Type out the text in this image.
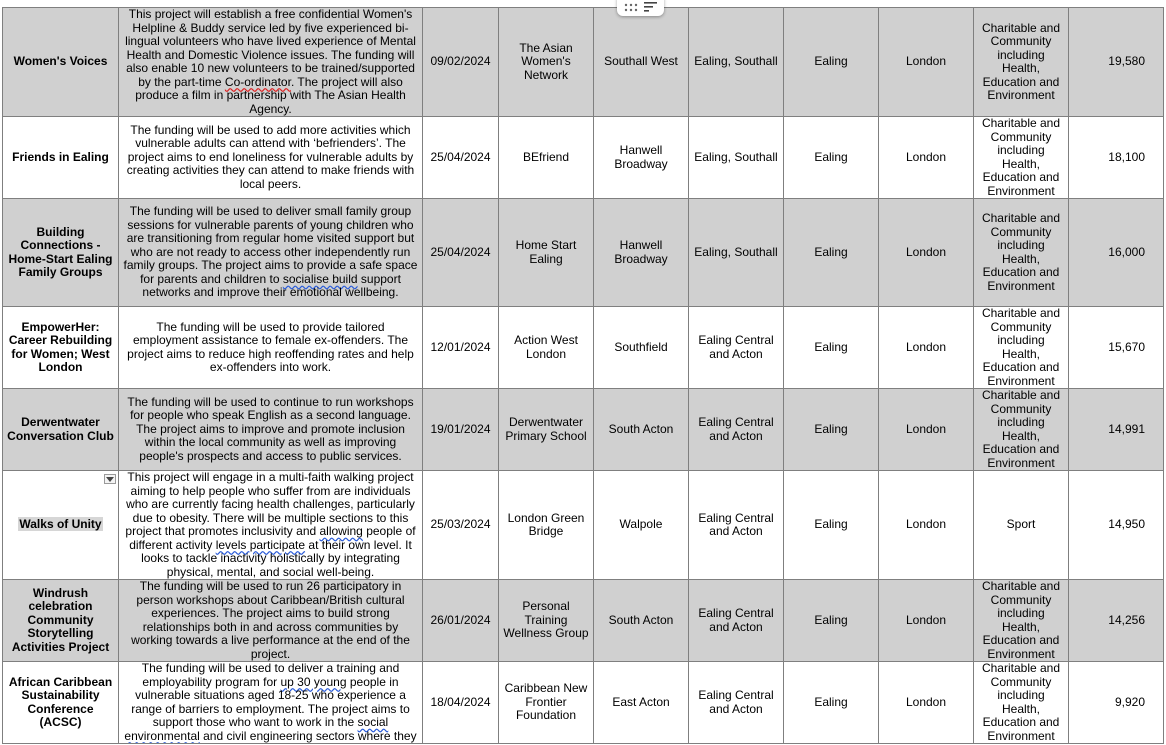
Women's Voices	This project will establish a free confidential Women's Helpline & Buddy service led by five experienced bi-lingual volunteers who have lived experience of Mental Health and Domestic Violence issues. The funding will also enable 10 new volunteers to be trained/supported by the part-time Co-ordinator. The project will also produce a film in partnership with The Asian Health Agency.	09/02/2024	The Asian Women's Network	Southall West	Ealing, Southall	Ealing	London	Charitable and Community including Health, Education and Environment	19,580
Friends in Ealing	The funding will be used to add more activities which vulnerable adults can attend with ‘befrienders’. The project aims to end loneliness for vulnerable adults by creating activities they can attend to make friends with local peers.	25/04/2024	BEfriend	Hanwell Broadway	Ealing, Southall	Ealing	London	Charitable and Community including Health, Education and Environment	18,100
Building Connections - Home-Start Ealing Family Groups	The funding will be used to deliver small family group sessions for vulnerable parents of young children who are transitioning from regular home visited support but who are not ready to access other independently run family groups. The project aims to provide a safe space for parents and children to socialise build support networks and improve their emotional wellbeing.	25/04/2024	Home Start Ealing	Hanwell Broadway	Ealing, Southall	Ealing	London	Charitable and Community including Health, Education and Environment	16,000
EmpowerHer: Career Rebuilding for Women; West London	The funding will be used to provide tailored employment assistance to female ex-offenders. The project aims to reduce high reoffending rates and help ex-offenders into work.	12/01/2024	Action West London	Southfield	Ealing Central and Acton	Ealing	London	Charitable and Community including Health, Education and Environment	15,670
Derwentwater Conversation Club	The funding will be used to continue to run workshops for people who speak English as a second language. The project aims to improve and promote inclusion within the local community as well as improving people's prospects and access to public services.	19/01/2024	Derwentwater Primary School	South Acton	Ealing Central and Acton	Ealing	London	Charitable and Community including Health, Education and Environment	14,991

Walks of Unity	This project will engage in a multi-faith walking project aiming to help people who suffer from are individuals who are currently facing health challenges, particularly due to obesity. There will be multiple sections to this project that promotes inclusivity and allowing people of different activity levels participate at their own level. It looks to tackle inactivity holistically by integrating physical, mental, and social well-being.	25/03/2024	London Green Bridge	Walpole	Ealing Central and Acton	Ealing	London	Sport	14,950
Windrush celebration Community Storytelling Activities Project	The funding will be used to run 26 participatory in person workshops about Caribbean/British cultural experiences. The project aims to build strong relationships both in and across communities by working towards a live performance at the end of the project.	26/01/2024	Personal Training Wellness Group	South Acton	Ealing Central and Acton	Ealing	London	Charitable and Community including Health, Education and Environment	14,256
African Caribbean Sustainability Conference (ACSC)	The funding will be used to deliver a training and employability program for up 30 young people in vulnerable situations aged 18-25 who experience a range of barriers to employment. The project aims to support those who want to work in the social environmental and civil engineering sectors where they	18/04/2024	Caribbean New Frontier Foundation	East Acton	Ealing Central and Acton	Ealing	London	Charitable and Community including Health, Education and Environment	9,920
